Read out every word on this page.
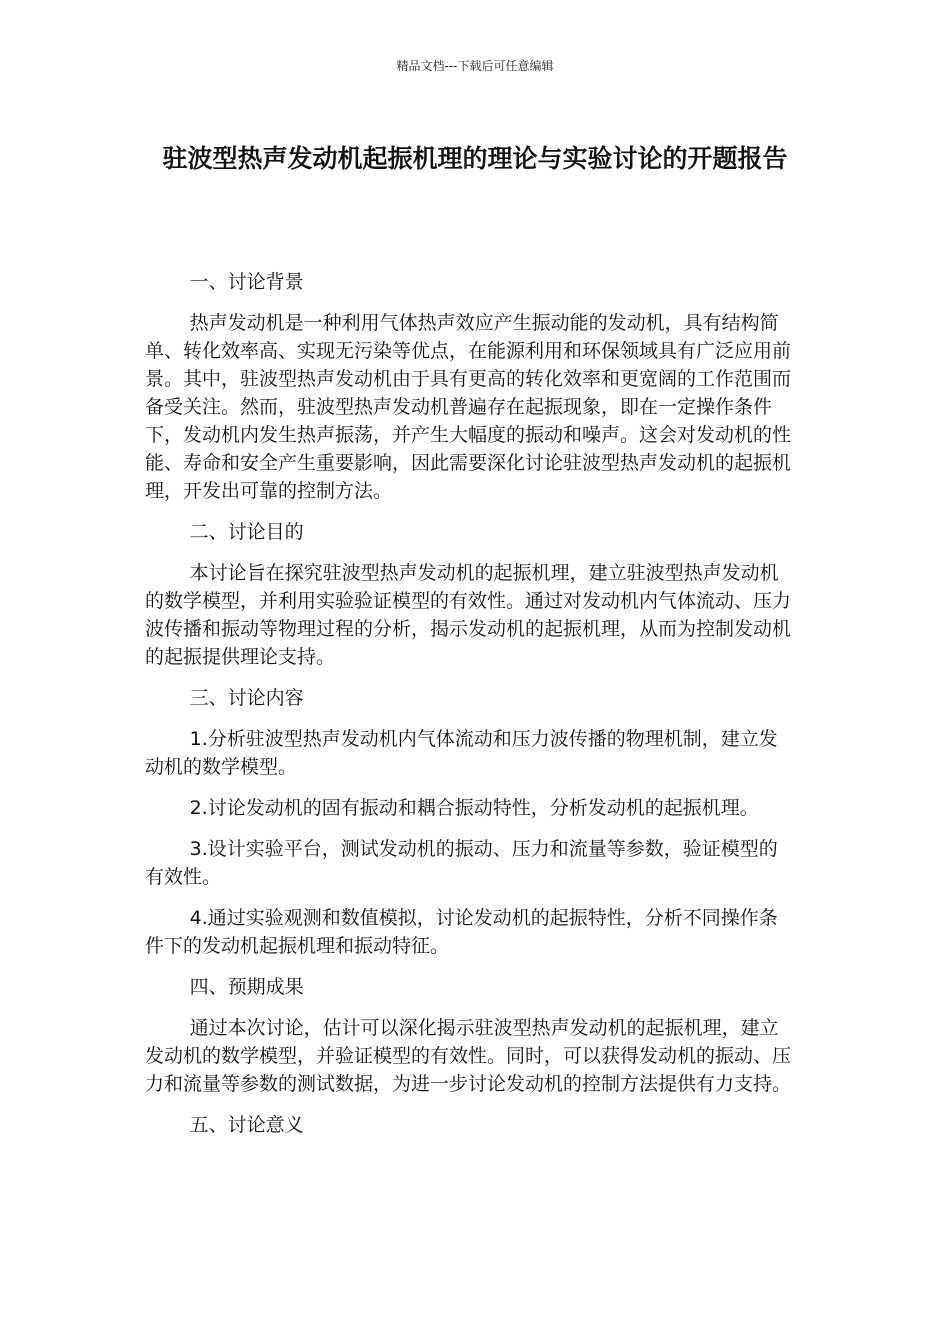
精品文档---下载后可任意编辑
驻波型热声发动机起振机理的理论与实验讨论的开题报告

一、讨论背景

热声发动机是一种利用气体热声效应产生振动能的发动机，具有结构简单、转化效率高、实现无污染等优点，在能源利用和环保领域具有广泛应用前景。其中，驻波型热声发动机由于具有更高的转化效率和更宽阔的工作范围而备受关注。然而，驻波型热声发动机普遍存在起振现象，即在一定操作条件下，发动机内发生热声振荡，并产生大幅度的振动和噪声。这会对发动机的性能、寿命和安全产生重要影响，因此需要深化讨论驻波型热声发动机的起振机理，开发出可靠的控制方法。

二、讨论目的

本讨论旨在探究驻波型热声发动机的起振机理，建立驻波型热声发动机的数学模型，并利用实验验证模型的有效性。通过对发动机内气体流动、压力波传播和振动等物理过程的分析，揭示发动机的起振机理，从而为控制发动机的起振提供理论支持。

三、讨论内容

1.分析驻波型热声发动机内气体流动和压力波传播的物理机制，建立发动机的数学模型。

2.讨论发动机的固有振动和耦合振动特性，分析发动机的起振机理。

3.设计实验平台，测试发动机的振动、压力和流量等参数，验证模型的有效性。

4.通过实验观测和数值模拟，讨论发动机的起振特性，分析不同操作条件下的发动机起振机理和振动特征。

四、预期成果

通过本次讨论，估计可以深化揭示驻波型热声发动机的起振机理，建立发动机的数学模型，并验证模型的有效性。同时，可以获得发动机的振动、压力和流量等参数的测试数据，为进一步讨论发动机的控制方法提供有力支持。

五、讨论意义
